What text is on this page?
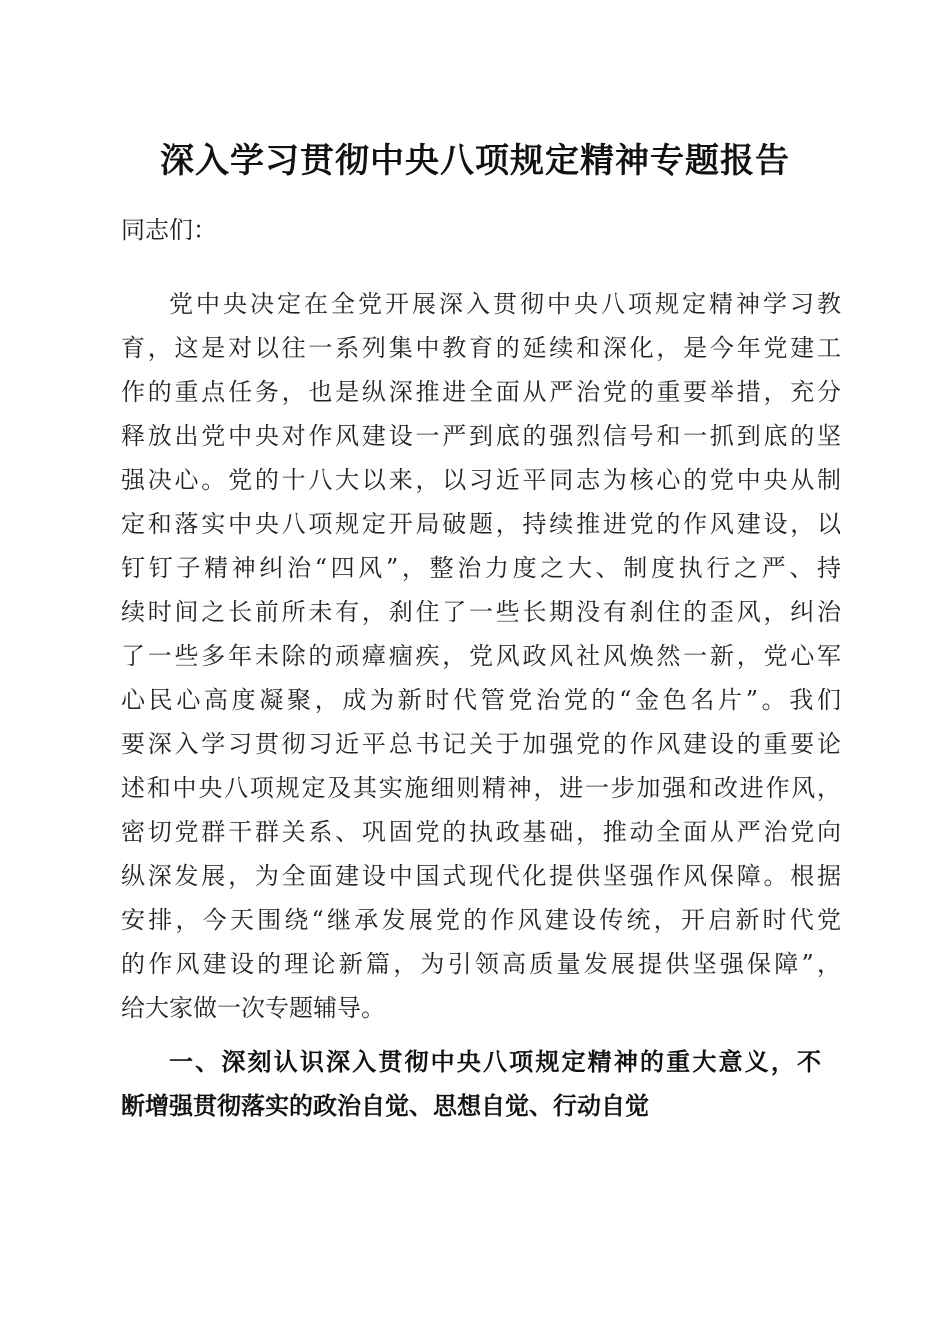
深入学习贯彻中央八项规定精神专题报告
同志们：
党中央决定在全党开展深入贯彻中央八项规定精神学习教
育，这是对以往一系列集中教育的延续和深化，是今年党建工
作的重点任务，也是纵深推进全面从严治党的重要举措，充分
释放出党中央对作风建设一严到底的强烈信号和一抓到底的坚
强决心。党的十八大以来，以习近平同志为核心的党中央从制
定和落实中央八项规定开局破题，持续推进党的作风建设，以
钉钉子精神纠治“四风”，整治力度之大、制度执行之严、持
续时间之长前所未有，刹住了一些长期没有刹住的歪风，纠治
了一些多年未除的顽瘴痼疾，党风政风社风焕然一新，党心军
心民心高度凝聚，成为新时代管党治党的“金色名片”。我们
要深入学习贯彻习近平总书记关于加强党的作风建设的重要论
述和中央八项规定及其实施细则精神，进一步加强和改进作风，
密切党群干群关系、巩固党的执政基础，推动全面从严治党向
纵深发展，为全面建设中国式现代化提供坚强作风保障。根据
安排，今天围绕“继承发展党的作风建设传统，开启新时代党
的作风建设的理论新篇，为引领高质量发展提供坚强保障”，
给大家做一次专题辅导。
一、深刻认识深入贯彻中央八项规定精神的重大意义，不
断增强贯彻落实的政治自觉、思想自觉、行动自觉
